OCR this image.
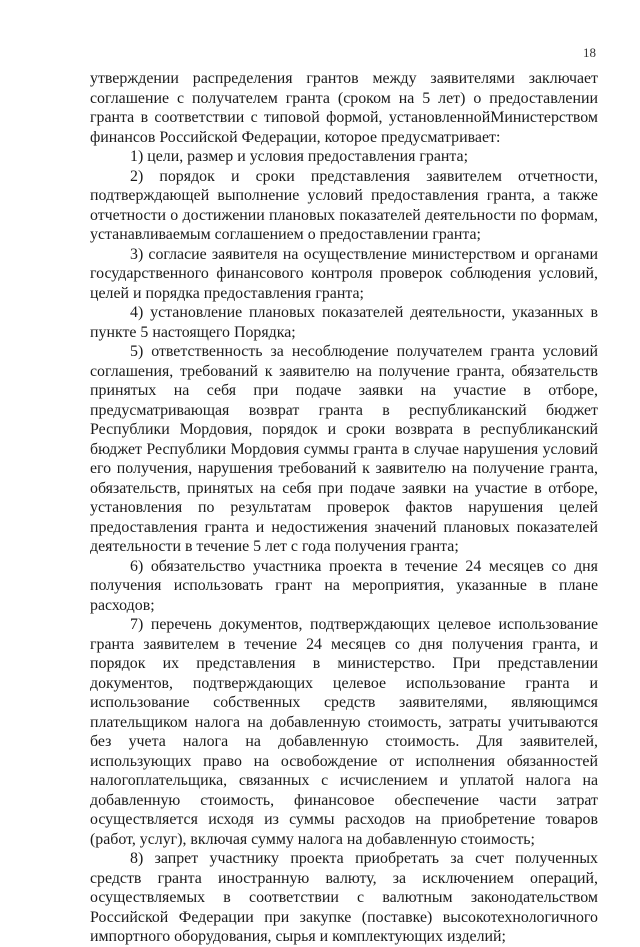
18

утверждении распределения грантов между заявителями заключает соглашение с получателем гранта (сроком на 5 лет) о предоставлении гранта в соответствии с типовой формой, установленнойМинистерством финансов Российской Федерации, которое предусматривает:

1) цели, размер и условия предоставления гранта;

2) порядок и сроки представления заявителем отчетности, подтверждающей выполнение условий предоставления гранта, а также отчетности о достижении плановых показателей деятельности по формам, устанавливаемым соглашением о предоставлении гранта;

3) согласие заявителя на осуществление министерством и органами государственного финансового контроля проверок соблюдения условий, целей и порядка предоставления гранта;

4) установление плановых показателей деятельности, указанных в пункте 5 настоящего Порядка;

5) ответственность за несоблюдение получателем гранта условий соглашения, требований к заявителю на получение гранта, обязательств принятых на себя при подаче заявки на участие в отборе, предусматривающая возврат гранта в республиканский бюджет Республики Мордовия, порядок и сроки возврата в республиканский бюджет Республики Мордовия суммы гранта в случае нарушения условий его получения, нарушения требований к заявителю на получение гранта, обязательств, принятых на себя при подаче заявки на участие в отборе, установления по результатам проверок фактов нарушения целей предоставления гранта и недостижения значений плановых показателей деятельности в течение 5 лет с года получения гранта;

6) обязательство участника проекта в течение 24 месяцев со дня получения использовать грант на мероприятия, указанные в плане расходов;

7) перечень документов, подтверждающих целевое использование гранта заявителем в течение 24 месяцев со дня получения гранта, и порядок их представления в министерство. При представлении документов, подтверждающих целевое использование гранта и использование собственных средств заявителями, являющимся плательщиком налога на добавленную стоимость, затраты учитываются без учета налога на добавленную стоимость. Для заявителей, использующих право на освобождение от исполнения обязанностей налогоплательщика, связанных с исчислением и уплатой налога на добавленную стоимость, финансовое обеспечение части затрат осуществляется исходя из суммы расходов на приобретение товаров (работ, услуг), включая сумму налога на добавленную стоимость;

8) запрет участнику проекта приобретать за счет полученных средств гранта иностранную валюту, за исключением операций, осуществляемых в соответствии с валютным законодательством Российской Федерации при закупке (поставке) высокотехнологичного импортного оборудования, сырья и комплектующих изделий;
